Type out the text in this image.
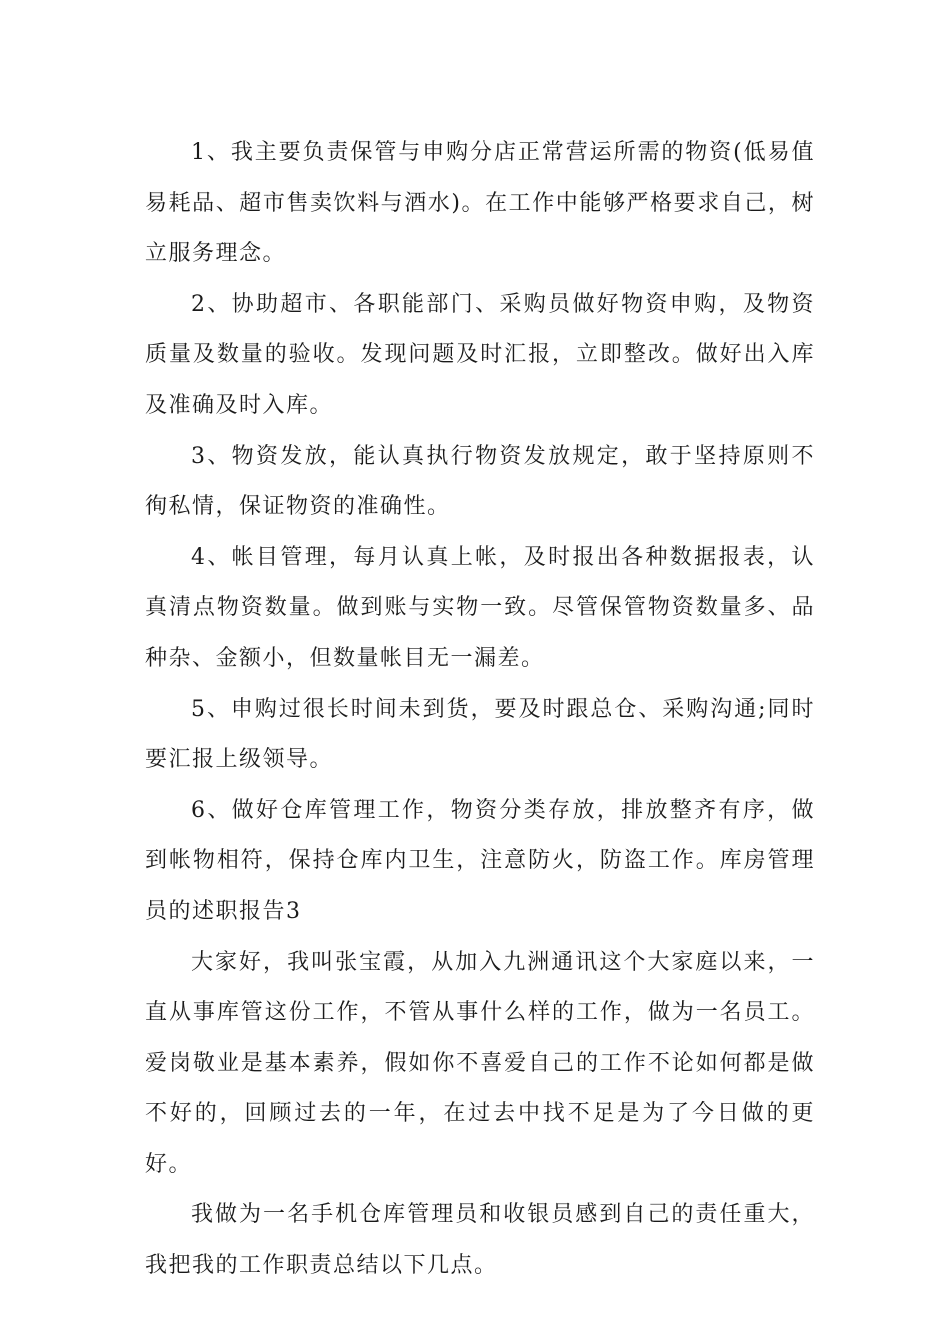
1、我主要负责保管与申购分店正常营运所需的物资(低易值易耗品、超市售卖饮料与酒水)。在工作中能够严格要求自己，树立服务理念。

2、协助超市、各职能部门、采购员做好物资申购，及物资质量及数量的验收。发现问题及时汇报，立即整改。做好出入库及准确及时入库。

3、物资发放，能认真执行物资发放规定，敢于坚持原则不徇私情，保证物资的准确性。

4、帐目管理，每月认真上帐，及时报出各种数据报表，认真清点物资数量。做到账与实物一致。尽管保管物资数量多、品种杂、金额小，但数量帐目无一漏差。

5、申购过很长时间未到货，要及时跟总仓、采购沟通;同时要汇报上级领导。

6、做好仓库管理工作，物资分类存放，排放整齐有序，做到帐物相符，保持仓库内卫生，注意防火，防盗工作。库房管理员的述职报告3

大家好，我叫张宝霞，从加入九洲通讯这个大家庭以来，一直从事库管这份工作，不管从事什么样的工作，做为一名员工。爱岗敬业是基本素养，假如你不喜爱自己的工作不论如何都是做不好的，回顾过去的一年，在过去中找不足是为了今日做的更好。

我做为一名手机仓库管理员和收银员感到自己的责任重大，我把我的工作职责总结以下几点。
